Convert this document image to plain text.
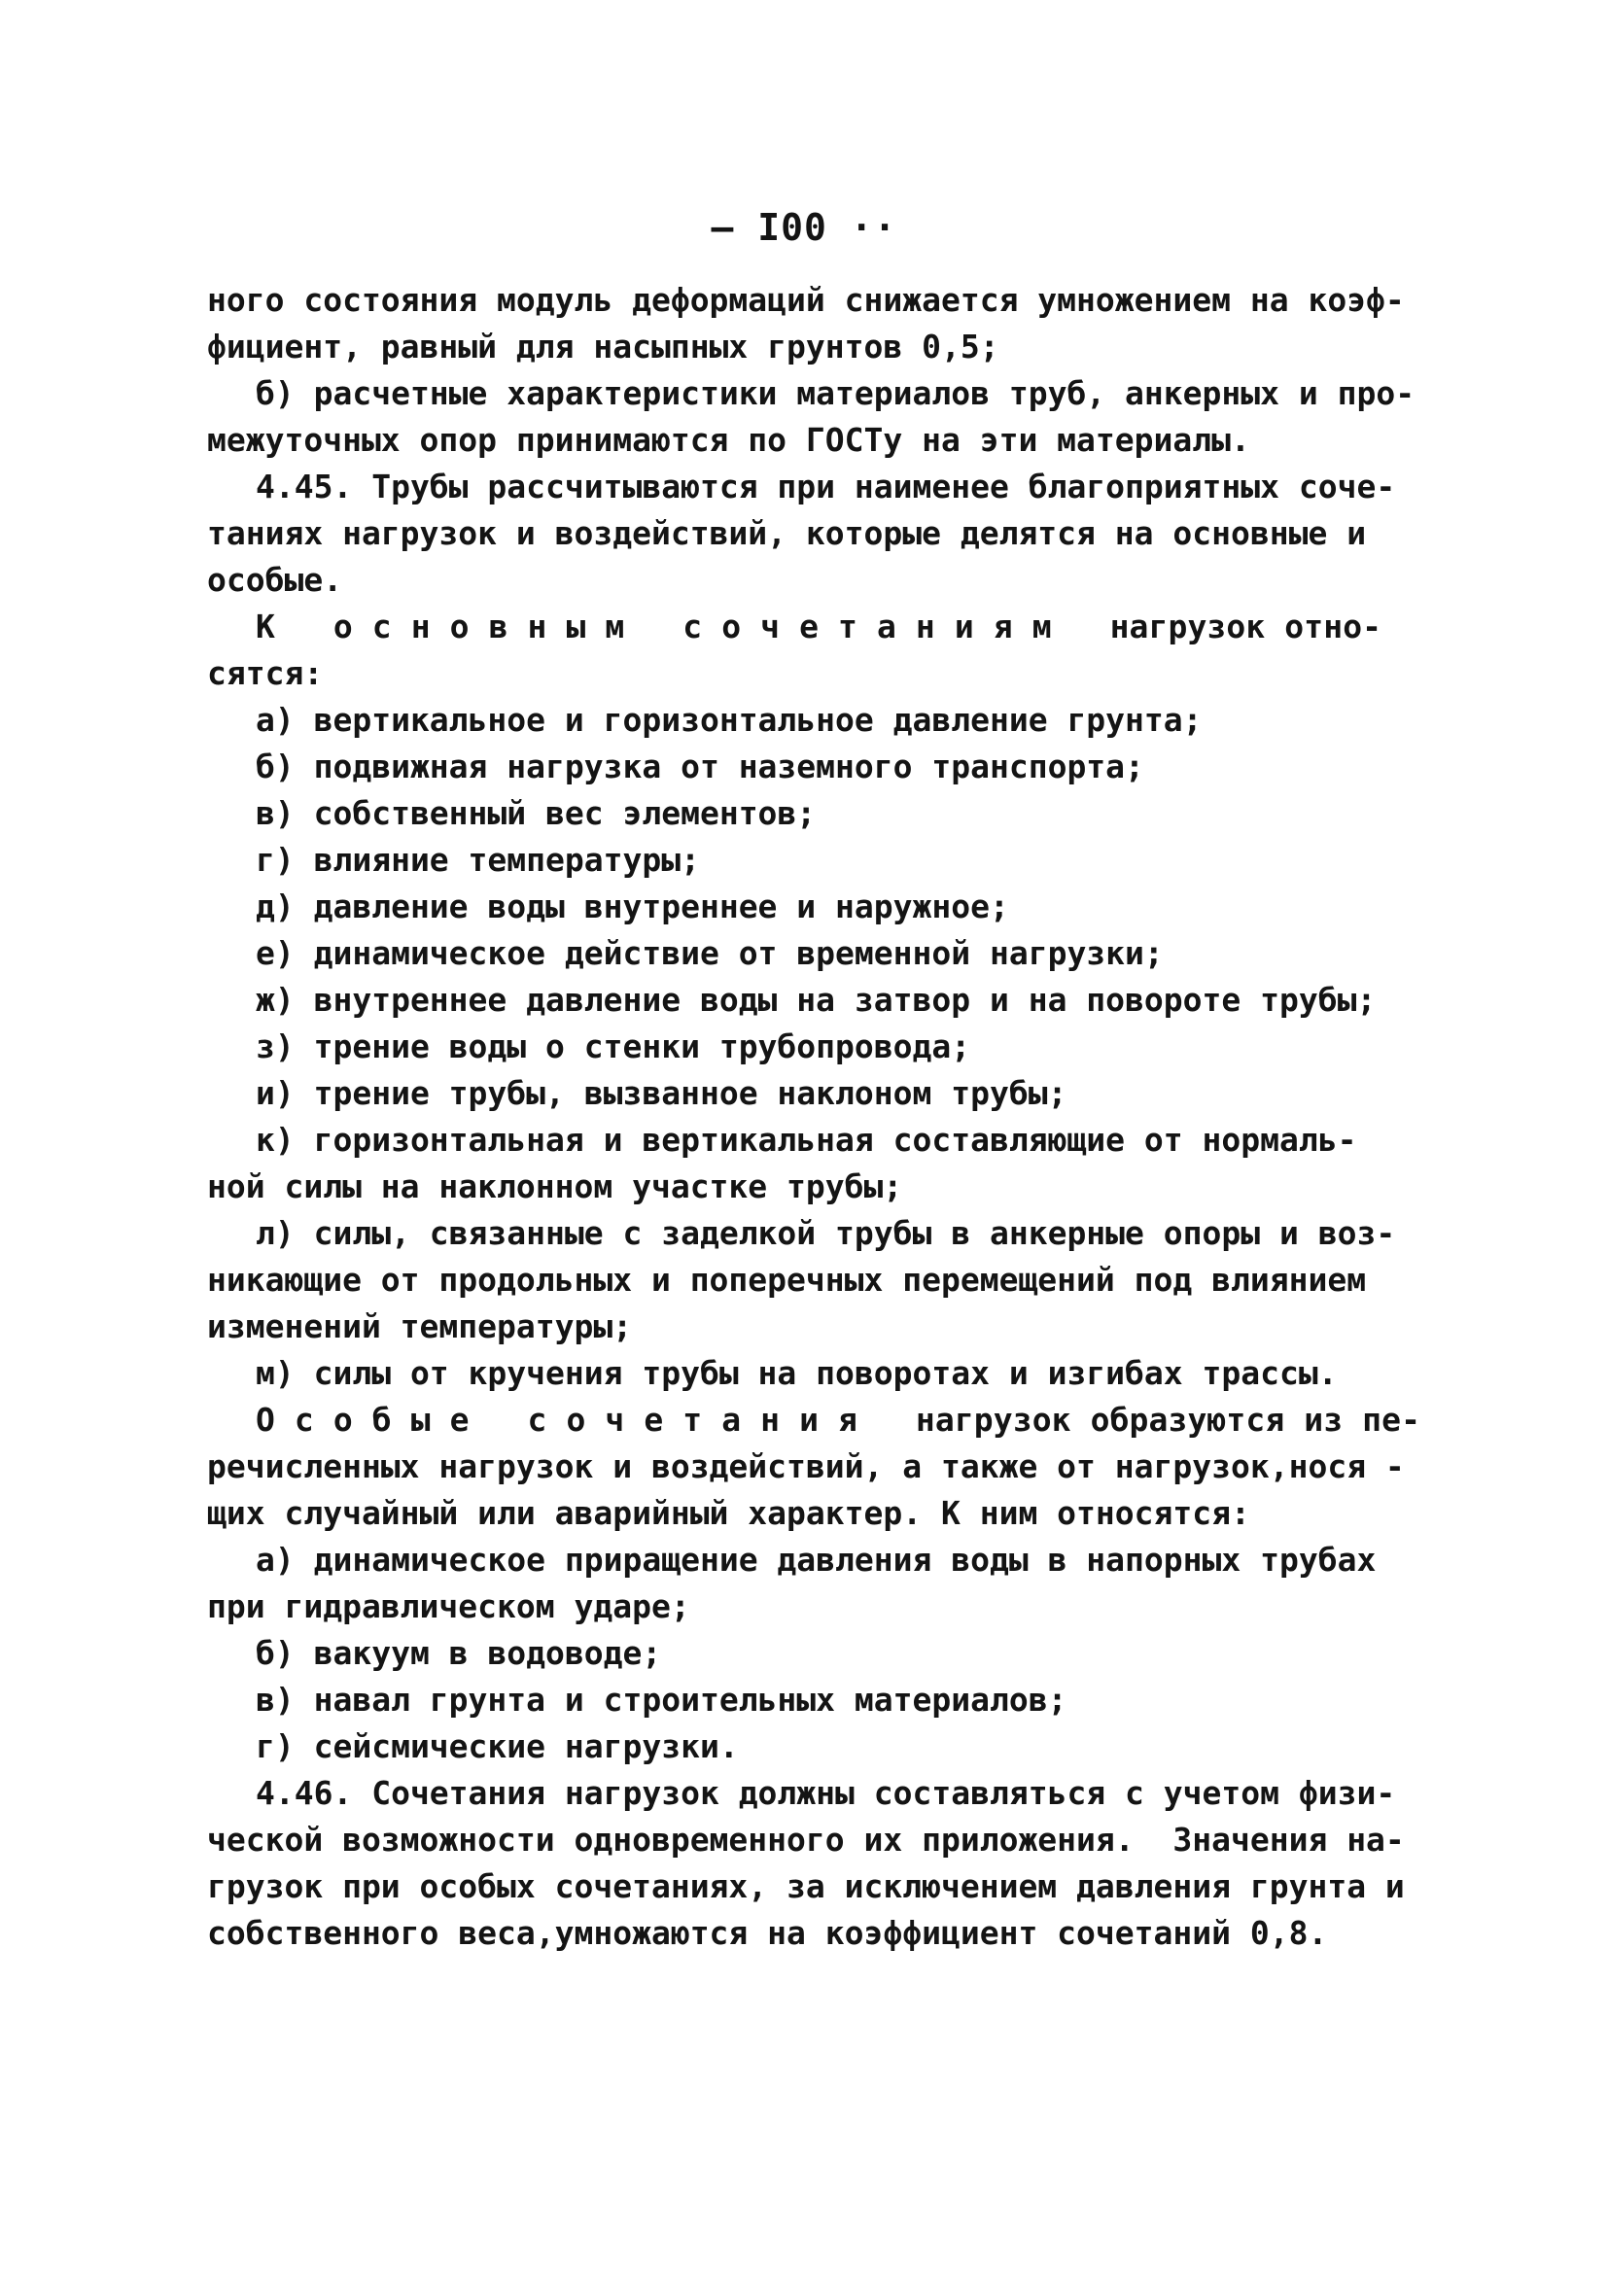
— I00 ··
ного состояния модуль деформаций снижается умножением на коэф-
фициент, равный для насыпных грунтов 0,5;
б) расчетные характеристики материалов труб, анкерных и про-
межуточных опор принимаются по ГОСТу на эти материалы.
4.45. Трубы рассчитываются при наименее благоприятных соче-
таниях нагрузок и воздействий, которые делятся на основные и
особые.
К   о с н о в н ы м   с о ч е т а н и я м   нагрузок отно-
сятся:
а) вертикальное и горизонтальное давление грунта;
б) подвижная нагрузка от наземного транспорта;
в) собственный вес элементов;
г) влияние температуры;
д) давление воды внутреннее и наружное;
е) динамическое действие от временной нагрузки;
ж) внутреннее давление воды на затвор и на повороте трубы;
з) трение воды о стенки трубопровода;
и) трение трубы, вызванное наклоном трубы;
к) горизонтальная и вертикальная составляющие от нормаль-
ной силы на наклонном участке трубы;
л) силы, связанные с заделкой трубы в анкерные опоры и воз-
никающие от продольных и поперечных перемещений под влиянием
изменений температуры;
м) силы от кручения трубы на поворотах и изгибах трассы.
О с о б ы е   с о ч е т а н и я   нагрузок образуются из пе-
речисленных нагрузок и воздействий, а также от нагрузок,нося -
щих случайный или аварийный характер. К ним относятся:
а) динамическое приращение давления воды в напорных трубах
при гидравлическом ударе;
б) вакуум в водоводе;
в) навал грунта и строительных материалов;
г) сейсмические нагрузки.
4.46. Сочетания нагрузок должны составляться с учетом физи-
ческой возможности одновременного их приложения.  Значения на-
грузок при особых сочетаниях, за исключением давления грунта и
собственного веса,умножаются на коэффициент сочетаний 0,8.
